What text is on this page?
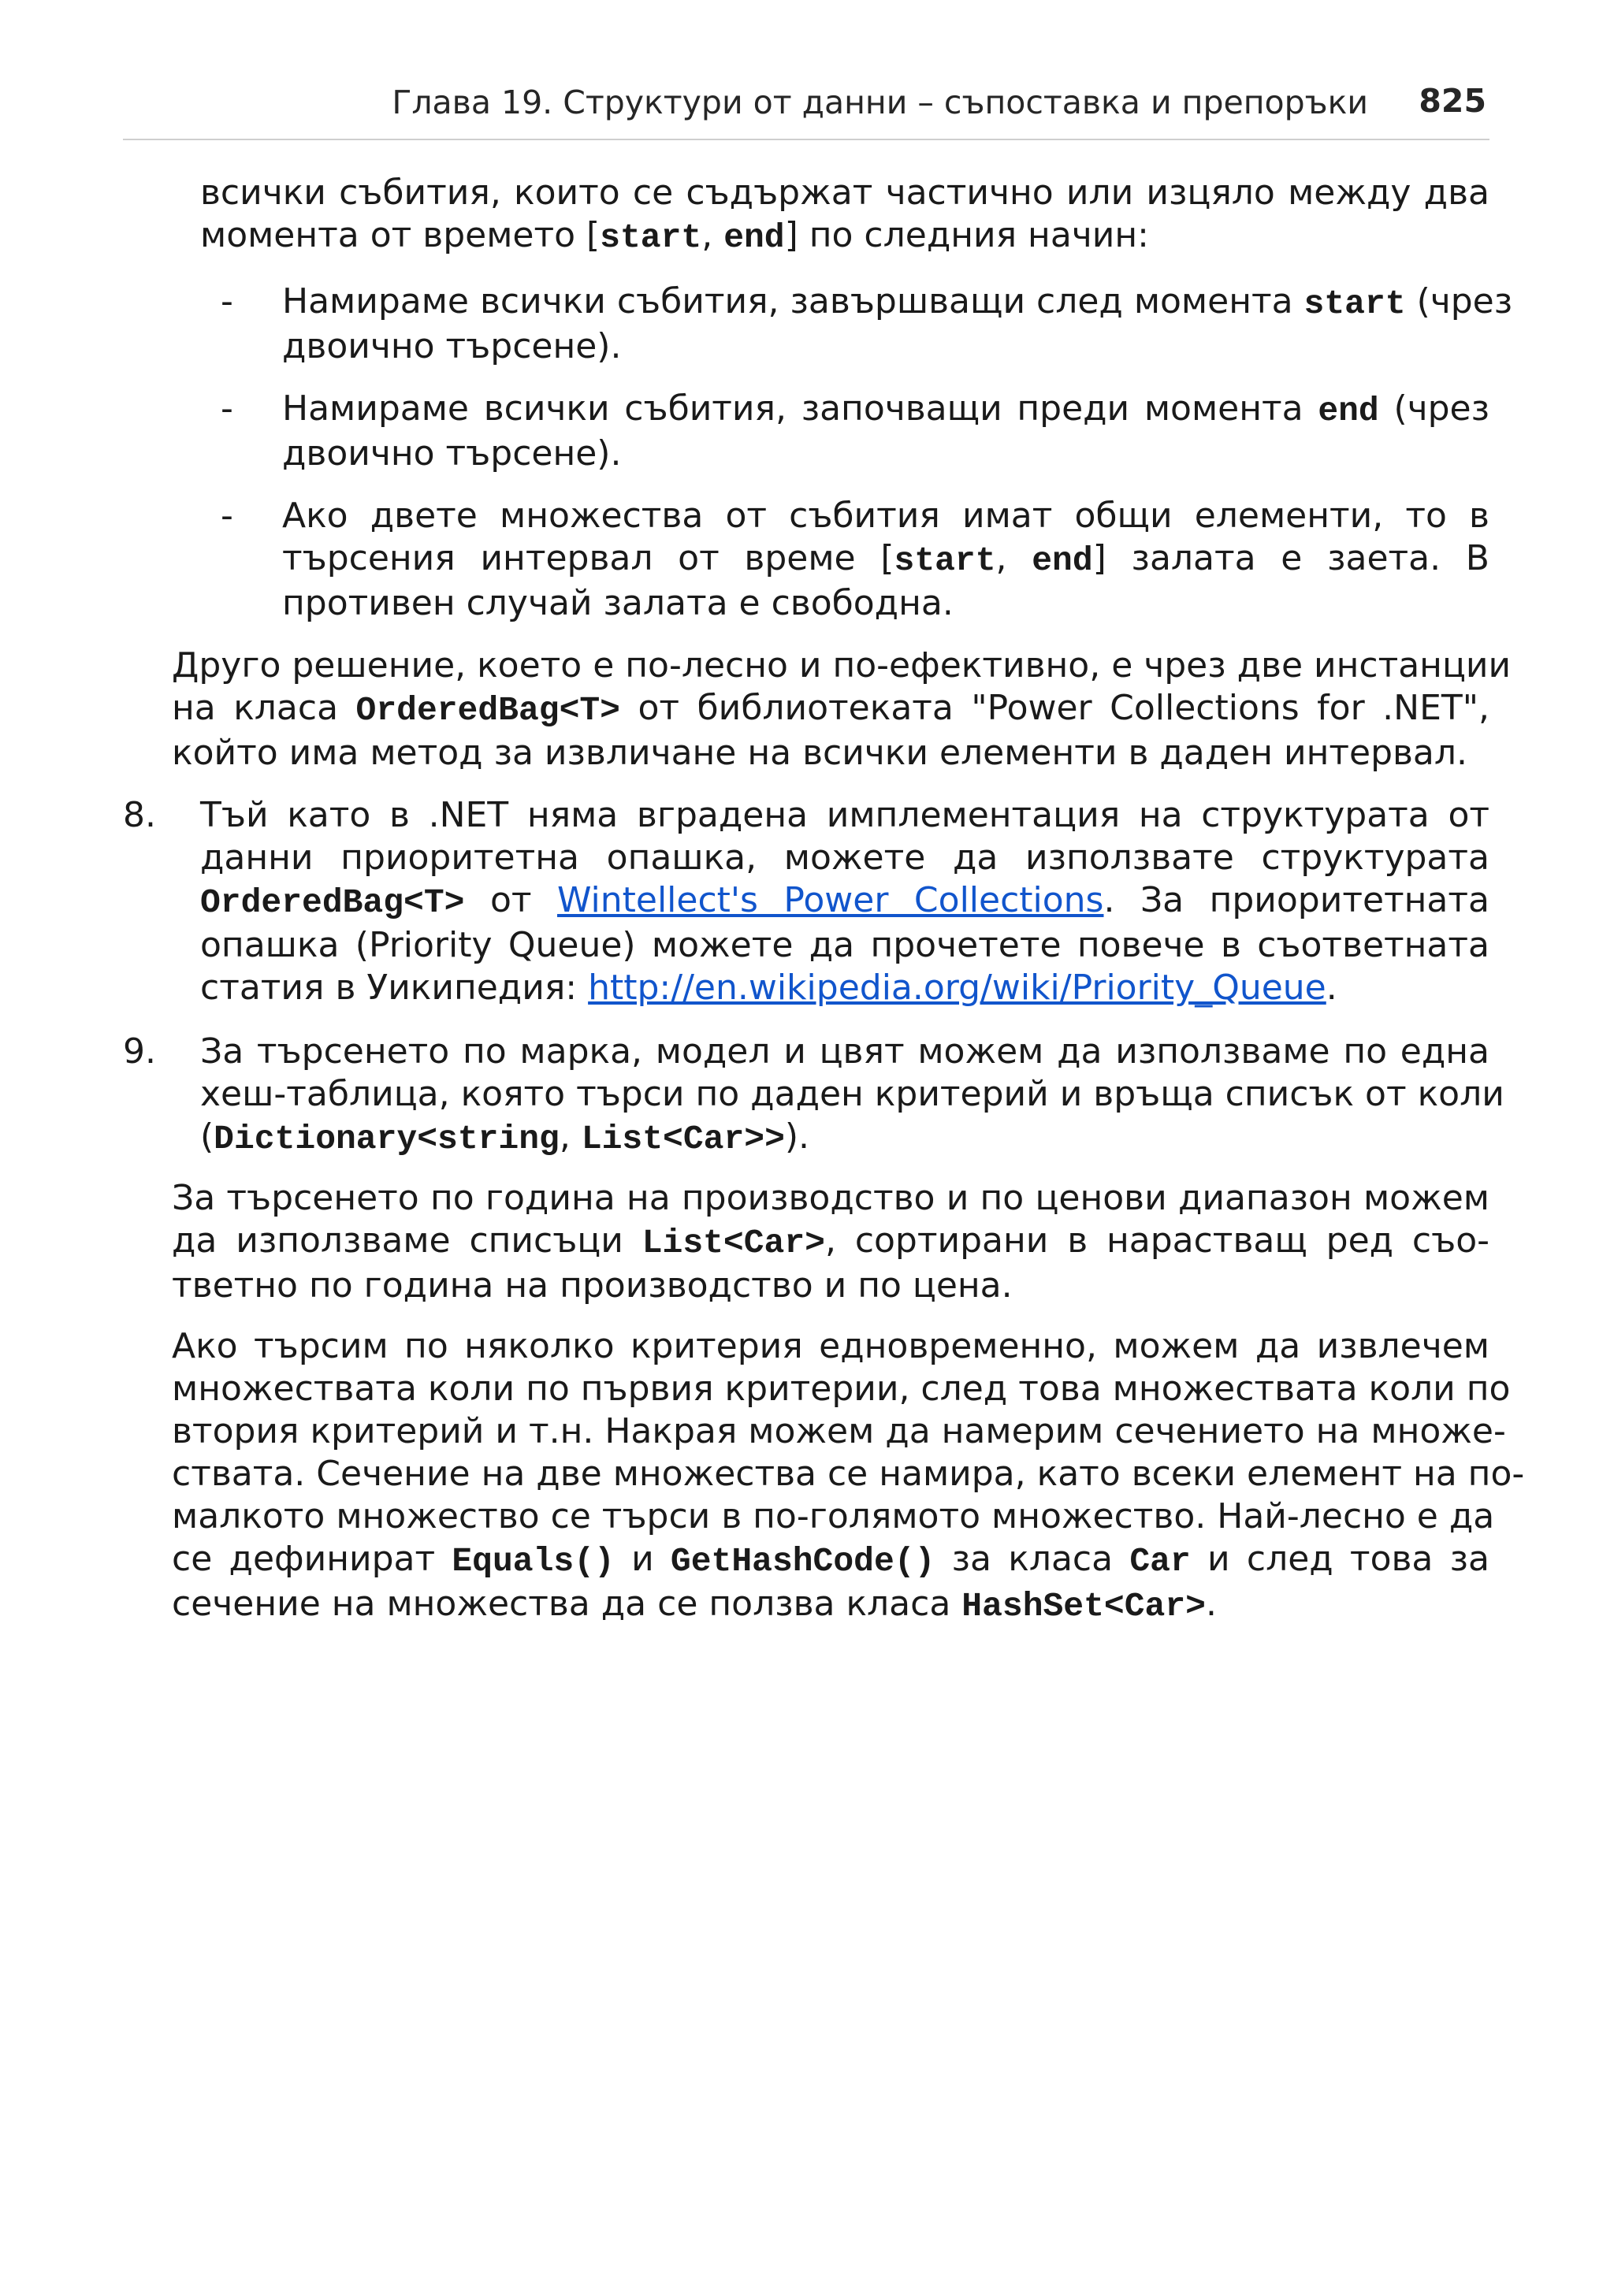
Глава 19. Структури от данни – съпоставка и препоръки 825
всички събития, които се съдържат частично или изцяло между два
момента от времето [start, end] по следния начин:
- Намираме всички събития, завършващи след момента start (чрез
двоично търсене).
- Намираме всички събития, започващи преди момента end (чрез
двоично търсене).
- Ако двете множества от събития имат общи елементи, то в
търсения интервал от време [start, end] залата е заета. В
противен случай залата е свободна.
Друго решение, което е по-лесно и по-ефективно, е чрез две инстанции
на класа OrderedBag<T> от библиотеката "Power Collections for .NET",
който има метод за извличане на всички елементи в даден интервал.
8. Тъй като в .NET няма вградена имплементация на структурата от
данни приоритетна опашка, можете да използвате структурата
OrderedBag<T> от Wintellect's Power Collections. За приоритетната
опашка (Priority Queue) можете да прочетете повече в съответната
статия в Уикипедия: http://en.wikipedia.org/wiki/Priority_Queue.
9. За търсенето по марка, модел и цвят можем да използваме по една
хеш-таблица, която търси по даден критерий и връща списък от коли
(Dictionary<string, List<Car>>).
За търсенето по година на производство и по ценови диапазон можем
да използваме списъци List<Car>, сортирани в нарастващ ред съо-
тветно по година на производство и по цена.
Ако търсим по няколко критерия едновременно, можем да извлечем
множествата коли по първия критерии, след това множествата коли по
втория критерий и т.н. Накрая можем да намерим сечението на множе-
ствата. Сечение на две множества се намира, като всеки елемент на по-
малкото множество се търси в по-голямото множество. Най-лесно е да
се дефинират Equals() и GetHashCode() за класа Car и след това за
сечение на множества да се ползва класа HashSet<Car>.
